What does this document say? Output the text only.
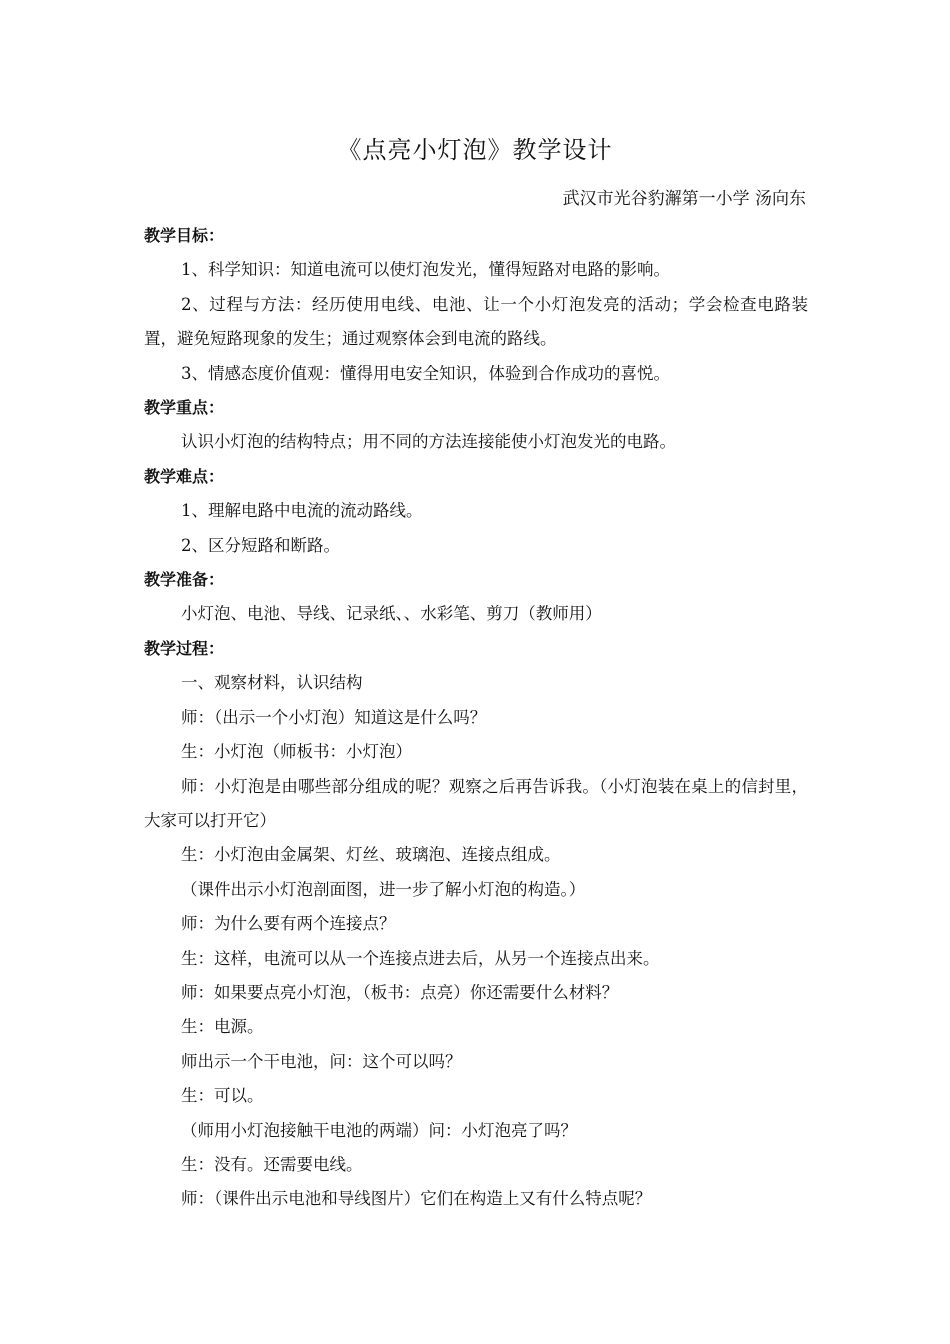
《点亮小灯泡》教学设计
武汉市光谷豹澥第一小学 汤向东
教学目标：
1、科学知识：知道电流可以使灯泡发光，懂得短路对电路的影响。
2、过程与方法：经历使用电线、电池、让一个小灯泡发亮的活动；学会检查电路装置，避免短路现象的发生；通过观察体会到电流的路线。
3、情感态度价值观：懂得用电安全知识，体验到合作成功的喜悦。
教学重点：
认识小灯泡的结构特点；用不同的方法连接能使小灯泡发光的电路。
教学难点：
1、理解电路中电流的流动路线。
2、区分短路和断路。
教学准备：
小灯泡、电池、导线、记录纸、、水彩笔、剪刀（教师用）
教学过程：
一、观察材料，认识结构
师：（出示一个小灯泡）知道这是什么吗？
生：小灯泡（师板书：小灯泡）
师：小灯泡是由哪些部分组成的呢？观察之后再告诉我。（小灯泡装在桌上的信封里，大家可以打开它）
生：小灯泡由金属架、灯丝、玻璃泡、连接点组成。
（课件出示小灯泡剖面图，进一步了解小灯泡的构造。）
师：为什么要有两个连接点？
生：这样，电流可以从一个连接点进去后，从另一个连接点出来。
师：如果要点亮小灯泡，（板书：点亮）你还需要什么材料？
生：电源。
师出示一个干电池，问：这个可以吗？
生：可以。
（师用小灯泡接触干电池的两端）问：小灯泡亮了吗？
生：没有。还需要电线。
师：（课件出示电池和导线图片）它们在构造上又有什么特点呢？
